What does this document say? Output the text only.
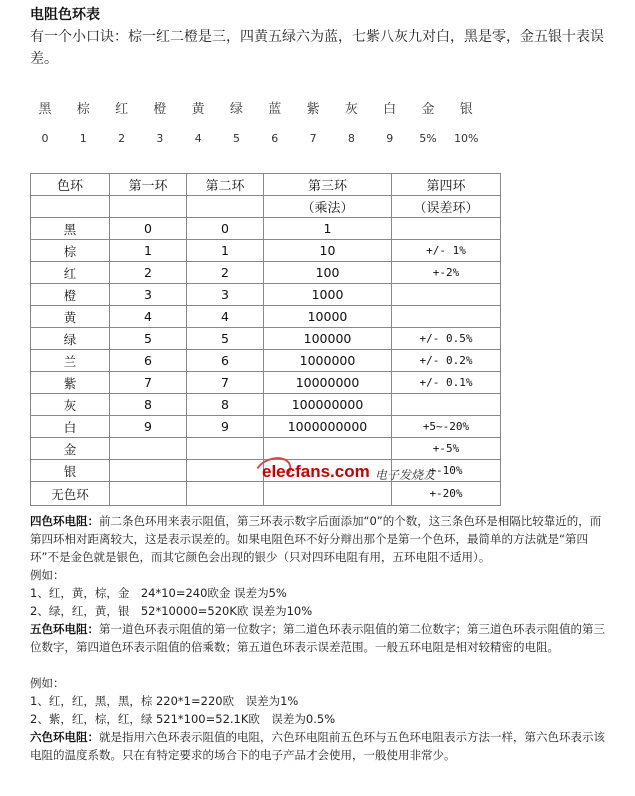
电阻色环表
有一个小口诀：棕一红二橙是三，四黄五绿六为蓝，七紫八灰九对白，黑是零，金五银十表误差。
黑	棕	红	橙	黄	绿	蓝	紫	灰	白	金	银
0	1	2	3	4	5	6	7	8	9	5%	10%
色环	第一环	第二环	第三环	第四环
			（乘法）	（误差环）
黑	0	0	1	
棕	1	1	10	+/- 1%
红	2	2	100	+-2%
橙	3	3	1000	
黄	4	4	10000	
绿	5	5	100000	+/- 0.5%
兰	6	6	1000000	+/- 0.2%
紫	7	7	10000000	+/- 0.1%
灰	8	8	100000000	
白	9	9	1000000000	+5~-20%
金				+-5%
银				+-10%
无色环				+-20%
elecfans.com 电子发烧友
四色环电阻：前二条色环用来表示阻值，第三环表示数字后面添加“0”的个数，这三条色环是相隔比较靠近的，而第四环相对距离较大，这是表示误差的。如果电阻色环不好分辩出那个是第一个色环，最简单的方法就是“第四环”不是金色就是银色，而其它颜色会出现的银少（只对四环电阻有用，五环电阻不适用）。
例如：
1、红，黄，棕，金　24*10=240欧金 误差为5%
2、绿，红，黄，银　52*10000=520K欧 误差为10%
五色环电阻：第一道色环表示阻值的第一位数字；第二道色环表示阻值的第二位数字；第三道色环表示阻值的第三位数字，第四道色环表示阻值的倍乘数；第五道色环表示误差范围。一般五环电阻是相对较精密的电阻。
例如：
1、红，红，黑，黑，棕 220*1=220欧　误差为1%
2、紫，红，棕，红，绿 521*100=52.1K欧　误差为0.5%
六色环电阻：就是指用六色环表示阻值的电阻，六色环电阻前五色环与五色环电阻表示方法一样，第六色环表示该电阻的温度系数。只在有特定要求的场合下的电子产品才会使用，一般使用非常少。
